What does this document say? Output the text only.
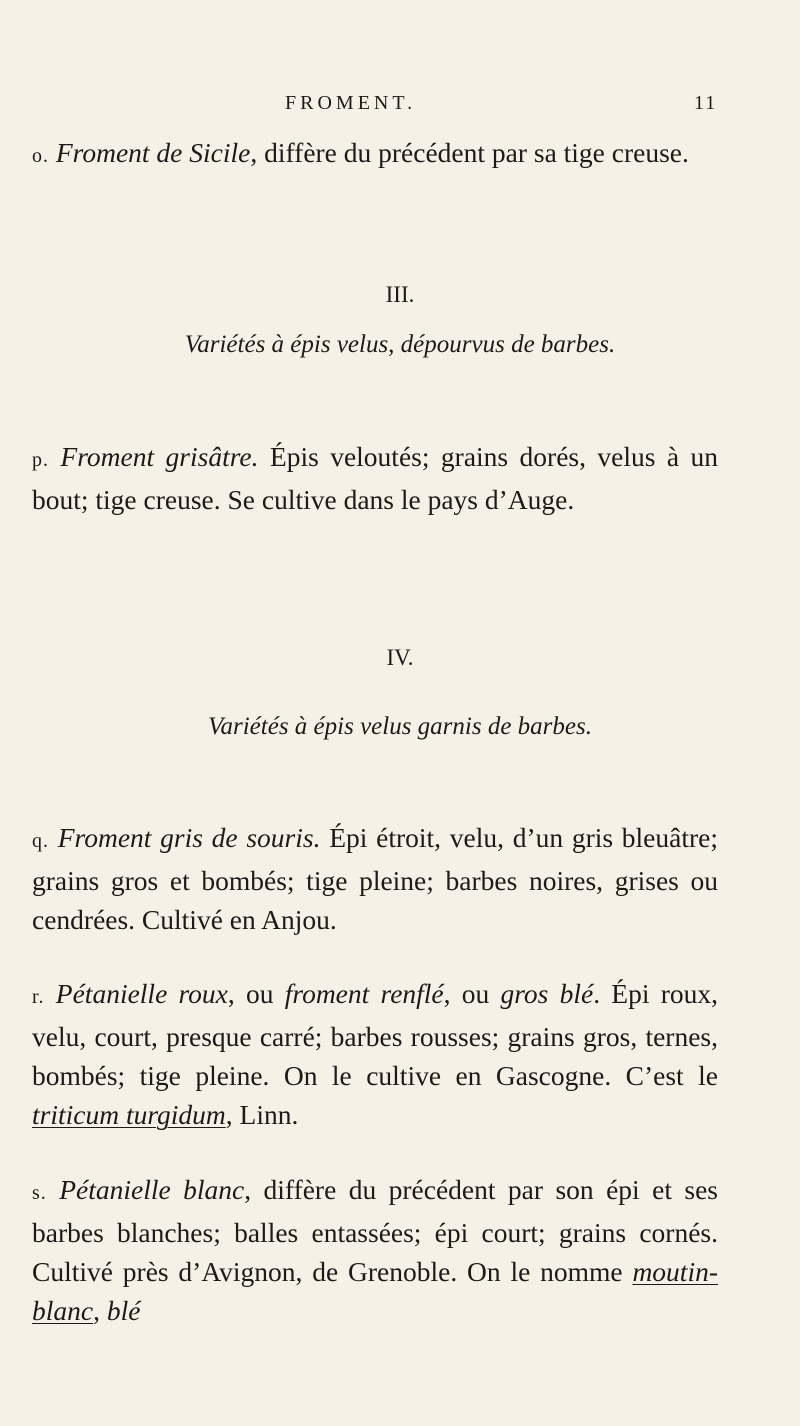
FROMENT.	11

o. Froment de Sicile, diffère du précédent par sa tige creuse.

III.

Variétés à épis velus, dépourvus de barbes.

p. Froment grisâtre. Épis veloutés; grains dorés, velus à un bout; tige creuse. Se cultive dans le pays d’Auge.

IV.

Variétés à épis velus garnis de barbes.

q. Froment gris de souris. Épi étroit, velu, d’un gris bleuâtre; grains gros et bombés; tige pleine; barbes noires, grises ou cendrées. Cultivé en Anjou.

r. Pétanielle roux, ou froment renflé, ou gros blé. Épi roux, velu, court, presque carré; barbes rousses; grains gros, ternes, bombés; tige pleine. On le cultive en Gascogne. C’est le triticum turgidum, Linn.

s. Pétanielle blanc, diffère du précédent par son épi et ses barbes blanches; balles entassées; épi court; grains cornés. Cultivé près d’Avignon, de Grenoble. On le nomme moutin-blanc, blé
